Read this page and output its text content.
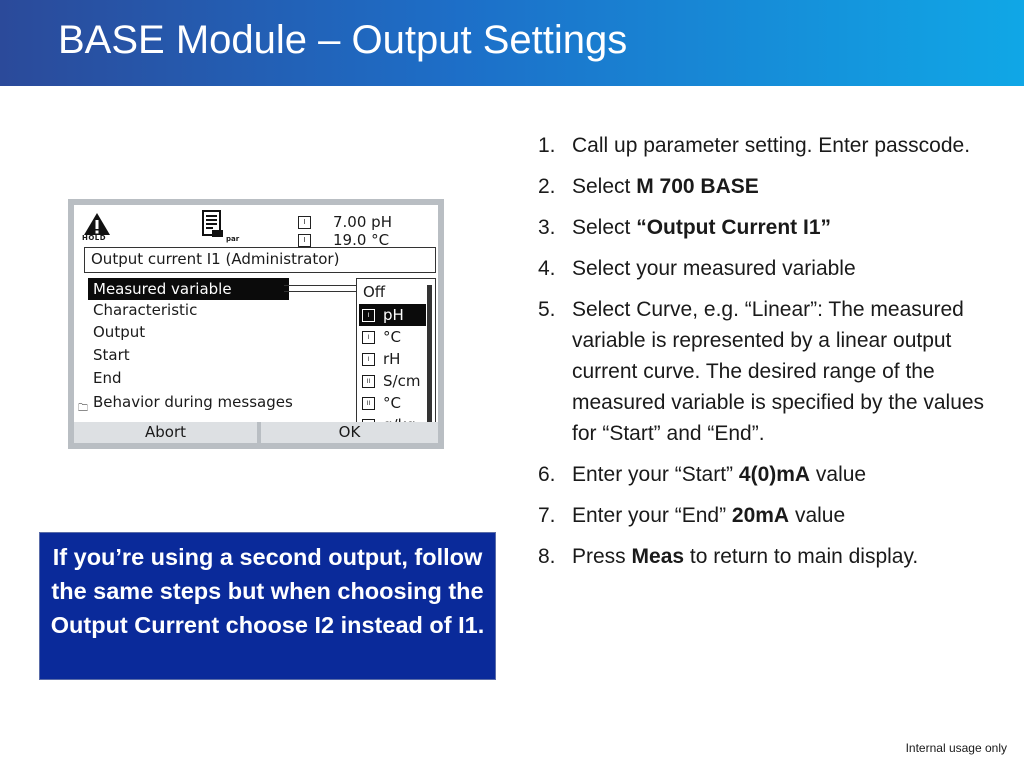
BASE Module – Output Settings
HOLD	par
I	7.00 pH
I	19.0 °C
Output current I1 (Administrator)
Measured variable
Characteristic
Output
Start
End
🗀 Behavior during messages
Off
I pH
I °C
I rH
II S/cm
II °C
Abort	OK
If you’re using a second output, follow the same steps but when choosing the Output Current choose I2 instead of I1.
1. Call up parameter setting. Enter passcode.
2. Select M 700 BASE
3. Select “Output Current I1”
4. Select your measured variable
5. Select Curve, e.g. “Linear”: The measured variable is represented by a linear output current curve. The desired range of the measured variable is specified by the values for “Start” and “End”.
6. Enter your “Start” 4(0)mA value
7. Enter your “End” 20mA value
8. Press Meas to return to main display.
Internal usage only
